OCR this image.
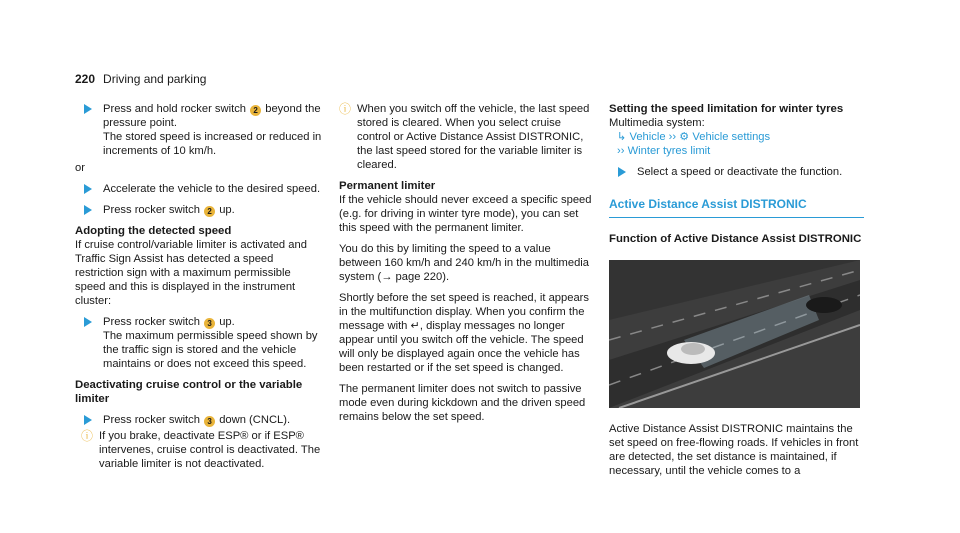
220 Driving and parking

Press and hold rocker switch 2 beyond the pressure point.

The stored speed is increased or reduced in increments of 10 km/h.

or

Accelerate the vehicle to the desired speed.

Press rocker switch 2 up.

Adopting the detected speed

If cruise control/variable limiter is activated and Traffic Sign Assist has detected a speed restriction sign with a maximum permissible speed and this is displayed in the instrument cluster:

Press rocker switch 3 up.

The maximum permissible speed shown by the traffic sign is stored and the vehicle maintains or does not exceed this speed.

Deactivating cruise control or the variable limiter

Press rocker switch 3 down (CNCL).

ⓘ If you brake, deactivate ESP® or if ESP® intervenes, cruise control is deactivated. The variable limiter is not deactivated.

ⓘ When you switch off the vehicle, the last speed stored is cleared. When you select cruise control or Active Distance Assist DISTRONIC, the last speed stored for the variable limiter is cleared.

Permanent limiter

If the vehicle should never exceed a specific speed (e.g. for driving in winter tyre mode), you can set this speed with the permanent limiter.

You do this by limiting the speed to a value between 160 km/h and 240 km/h in the multimedia system (→ page 220).

Shortly before the set speed is reached, it appears in the multifunction display. When you confirm the message with ↵, display messages no longer appear until you switch off the vehicle. The speed will only be displayed again once the vehicle has been restarted or if the set speed is changed.

The permanent limiter does not switch to passive mode even during kickdown and the driven speed remains below the set speed.

Setting the speed limitation for winter tyres

Multimedia system:

↳ Vehicle ›› ⚙ Vehicle settings

›› Winter tyres limit

Select a speed or deactivate the function.

Active Distance Assist DISTRONIC
Function of Active Distance Assist DISTRONIC

Active Distance Assist DISTRONIC maintains the set speed on free-flowing roads. If vehicles in front are detected, the set distance is maintained, if necessary, until the vehicle comes to a
